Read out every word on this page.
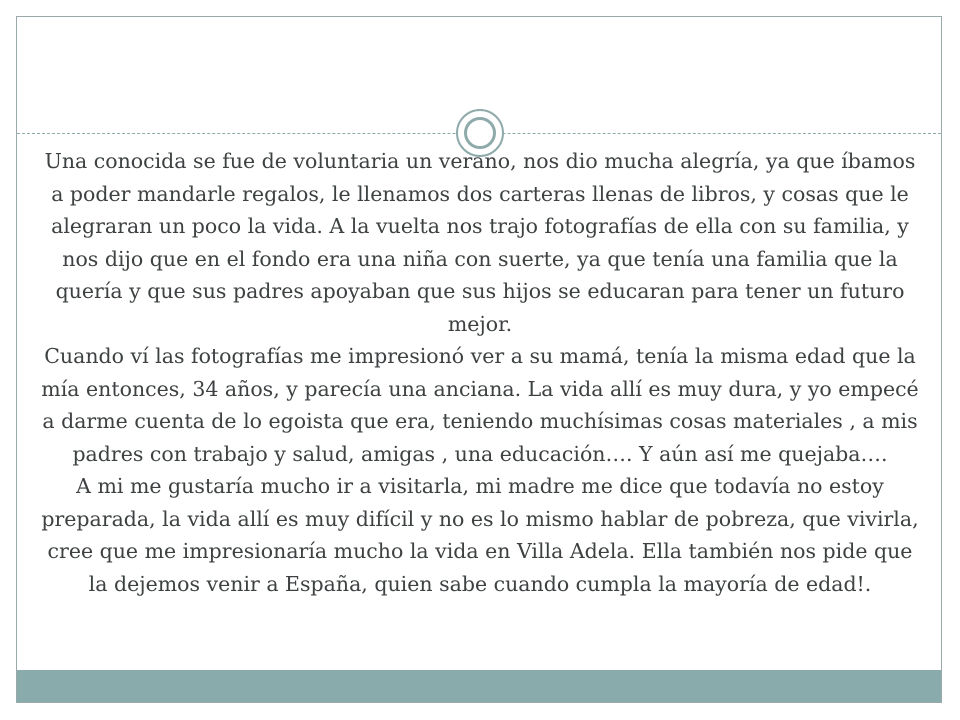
Una conocida se fue de voluntaria un verano, nos dio mucha alegría, ya que íbamos a poder mandarle regalos, le llenamos dos carteras llenas de libros, y cosas que le alegraran un poco la vida. A la vuelta nos trajo fotografías de ella con su familia, y nos dijo que en el fondo era una niña con suerte, ya que tenía una familia que la quería y que sus padres apoyaban que sus hijos se educaran para tener un futuro mejor.

Cuando ví las fotografías me impresionó ver a su mamá, tenía la misma edad que la mía entonces, 34 años, y parecía una anciana. La vida allí es muy dura, y yo empecé a darme cuenta de lo egoista que era, teniendo muchísimas cosas materiales , a mis padres con trabajo y salud, amigas , una educación…. Y aún así me quejaba….

A mi me gustaría mucho ir a visitarla, mi madre me dice que todavía no estoy preparada, la vida allí es muy difícil y no es lo mismo hablar de pobreza, que vivirla, cree que me impresionaría mucho la vida en Villa Adela. Ella también nos pide que la dejemos venir a España, quien sabe cuando cumpla la mayoría de edad!.
